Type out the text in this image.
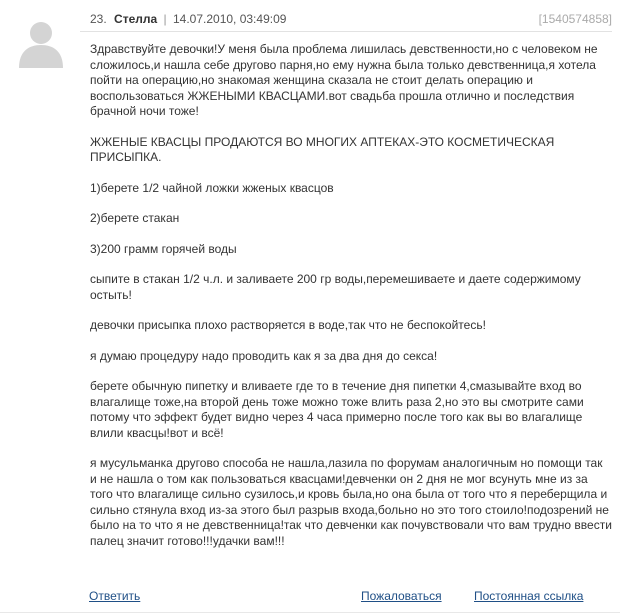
23. Стелла | 14.07.2010, 03:49:09	[1540574858]

Здравствуйте девочки!У меня была проблема лишилась девственности,но с человеком не сложилось,и нашла себе другово парня,но ему нужна была только девственница,я хотела пойти на операцию,но знакомая женщина сказала не стоит делать операцию и воспользоваться ЖЖЕНЫМИ КВАСЦАМИ.вот свадьба прошла отлично и последствия брачной ночи тоже!

ЖЖЕНЫЕ КВАСЦЫ ПРОДАЮТСЯ ВО МНОГИХ АПТЕКАХ-ЭТО КОСМЕТИЧЕСКАЯ ПРИСЫПКА.

1)берете 1/2 чайной ложки жженых квасцов

2)берете стакан

3)200 грамм горячей воды

сыпите в стакан 1/2 ч.л. и заливаете 200 гр воды,перемешиваете и даете содержимому остыть!

девочки присыпка плохо растворяется в воде,так что не беспокойтесь!

я думаю процедуру надо проводить как я за два дня до секса!

берете обычную пипетку и вливаете где то в течение дня пипетки 4,смазывайте вход во влагалище тоже,на второй день тоже можно тоже влить раза 2,но это вы смотрите сами потому что эффект будет видно через 4 часа примерно после того как вы во влагалище влили квасцы!вот и всё!

я мусульманка другово способа не нашла,лазила по форумам аналогичным но помощи так и не нашла о том как пользоваться квасцами!девченки он 2 дня не мог всунуть мне из за того что влагалище сильно сузилось,и кровь была,но она была от того что я переберщила и сильно стянула вход из-за этого был разрыв входа,больно но это того стоило!подозрений не было на то что я не девственница!так что девченки как почувствовали что вам трудно ввести палец значит готово!!!удачки вам!!!

Ответить	Пожаловаться	Постоянная ссылка
